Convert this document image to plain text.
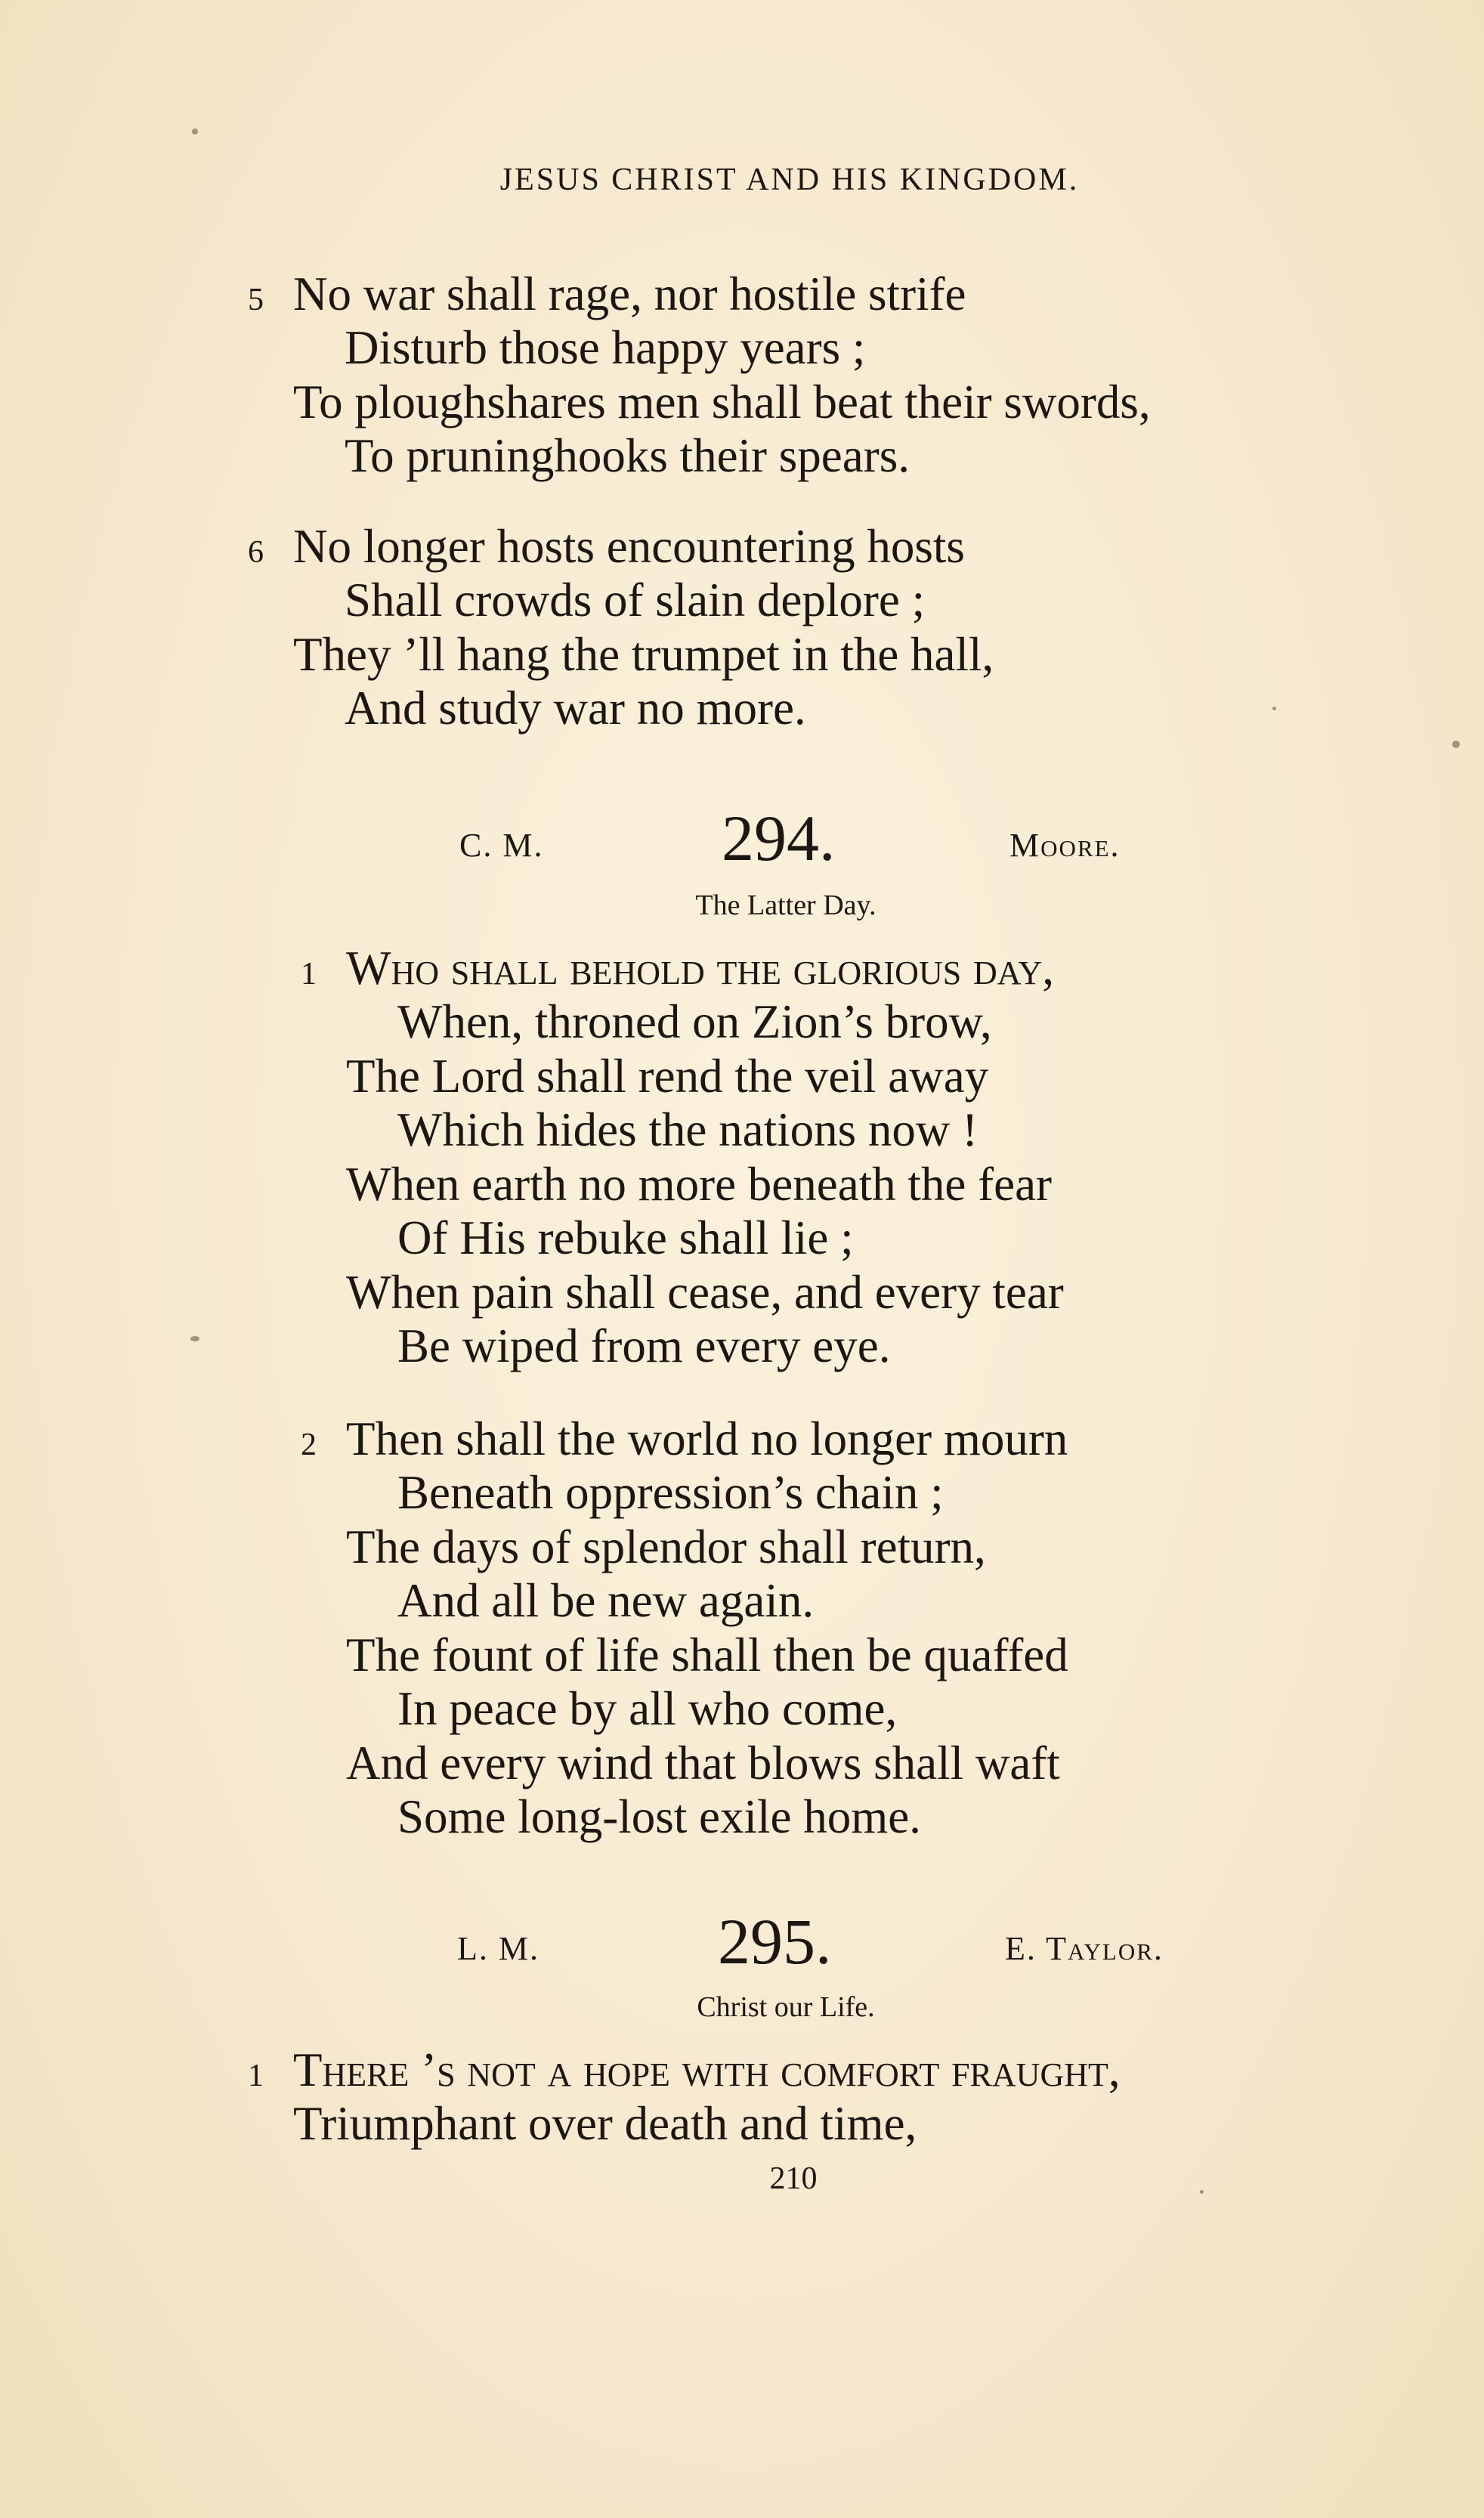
JESUS CHRIST AND HIS KINGDOM.
5 No war shall rage, nor hostile strife
Disturb those happy years ;
To ploughshares men shall beat their swords,
To pruninghooks their spears.
6 No longer hosts encountering hosts
Shall crowds of slain deplore ;
They ’ll hang the trumpet in the hall,
And study war no more.
C. M.	294.	Moore.
The Latter Day.
1 Who shall behold the glorious day,
When, throned on Zion’s brow,
The Lord shall rend the veil away
Which hides the nations now !
When earth no more beneath the fear
Of His rebuke shall lie ;
When pain shall cease, and every tear
Be wiped from every eye.
2 Then shall the world no longer mourn
Beneath oppression’s chain ;
The days of splendor shall return,
And all be new again.
The fount of life shall then be quaffed
In peace by all who come,
And every wind that blows shall waft
Some long-lost exile home.
L. M.	295.	E. Taylor.
Christ our Life.
1 There ’s not a hope with comfort fraught,
Triumphant over death and time,
210
